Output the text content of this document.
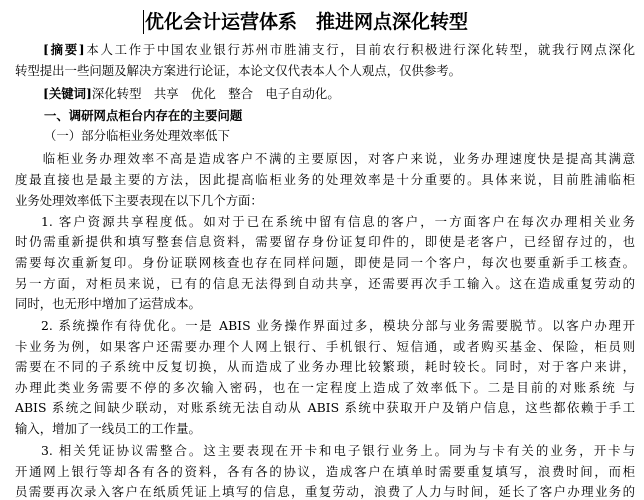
优化会计运营体系　推进网点深化转型
[摘要]本人工作于中国农业银行苏州市胜浦支行，目前农行积极进行深化转型，就我行网点深化
转型提出一些问题及解决方案进行论证，本论文仅代表本人个人观点，仅供参考。
[关键词]深化转型　共享　优化　整合　电子自动化。
一、调研网点柜台内存在的主要问题
（一）部分临柜业务处理效率低下
临柜业务办理效率不高是造成客户不满的主要原因，对客户来说，业务办理速度快是提高其满意
度最直接也是最主要的方法，因此提高临柜业务的处理效率是十分重要的。具体来说，目前胜浦临柜
业务处理效率低下主要表现在以下几个方面：
1. 客户资源共享程度低。如对于已在系统中留有信息的客户，一方面客户在每次办理相关业务
时仍需重新提供和填写整套信息资料，需要留存身份证复印件的，即使是老客户，已经留存过的，也
需要每次重新复印。身份证联网核查也存在同样问题，即使是同一个客户，每次也要重新手工核查。
另一方面，对柜员来说，已有的信息无法得到自动共享，还需要再次手工输入。这在造成重复劳动的
同时，也无形中增加了运营成本。
2. 系统操作有待优化。一是 ABIS 业务操作界面过多，模块分部与业务需要脱节。以客户办理开
卡业务为例，如果客户还需要办理个人网上银行、手机银行、短信通，或者购买基金、保险，柜员则
需要在不同的子系统中反复切换，从而造成了业务办理比较繁琐，耗时较长。同时，对于客户来讲，
办理此类业务需要不停的多次输入密码，也在一定程度上造成了效率低下。二是目前的对账系统 与
ABIS 系统之间缺少联动，对账系统无法自动从 ABIS 系统中获取开户及销户信息，这些都依赖于手工
输入，增加了一线员工的工作量。
3. 相关凭证协议需整合。这主要表现在开卡和电子银行业务上。同为与卡有关的业务，开卡与
开通网上银行等却各有各的资料，各有各的协议，造成客户在填单时需要重复填写，浪费时间，而柜
员需要再次录入客户在纸质凭证上填写的信息，重复劳动，浪费了人力与时间，延长了客户办理业务的
